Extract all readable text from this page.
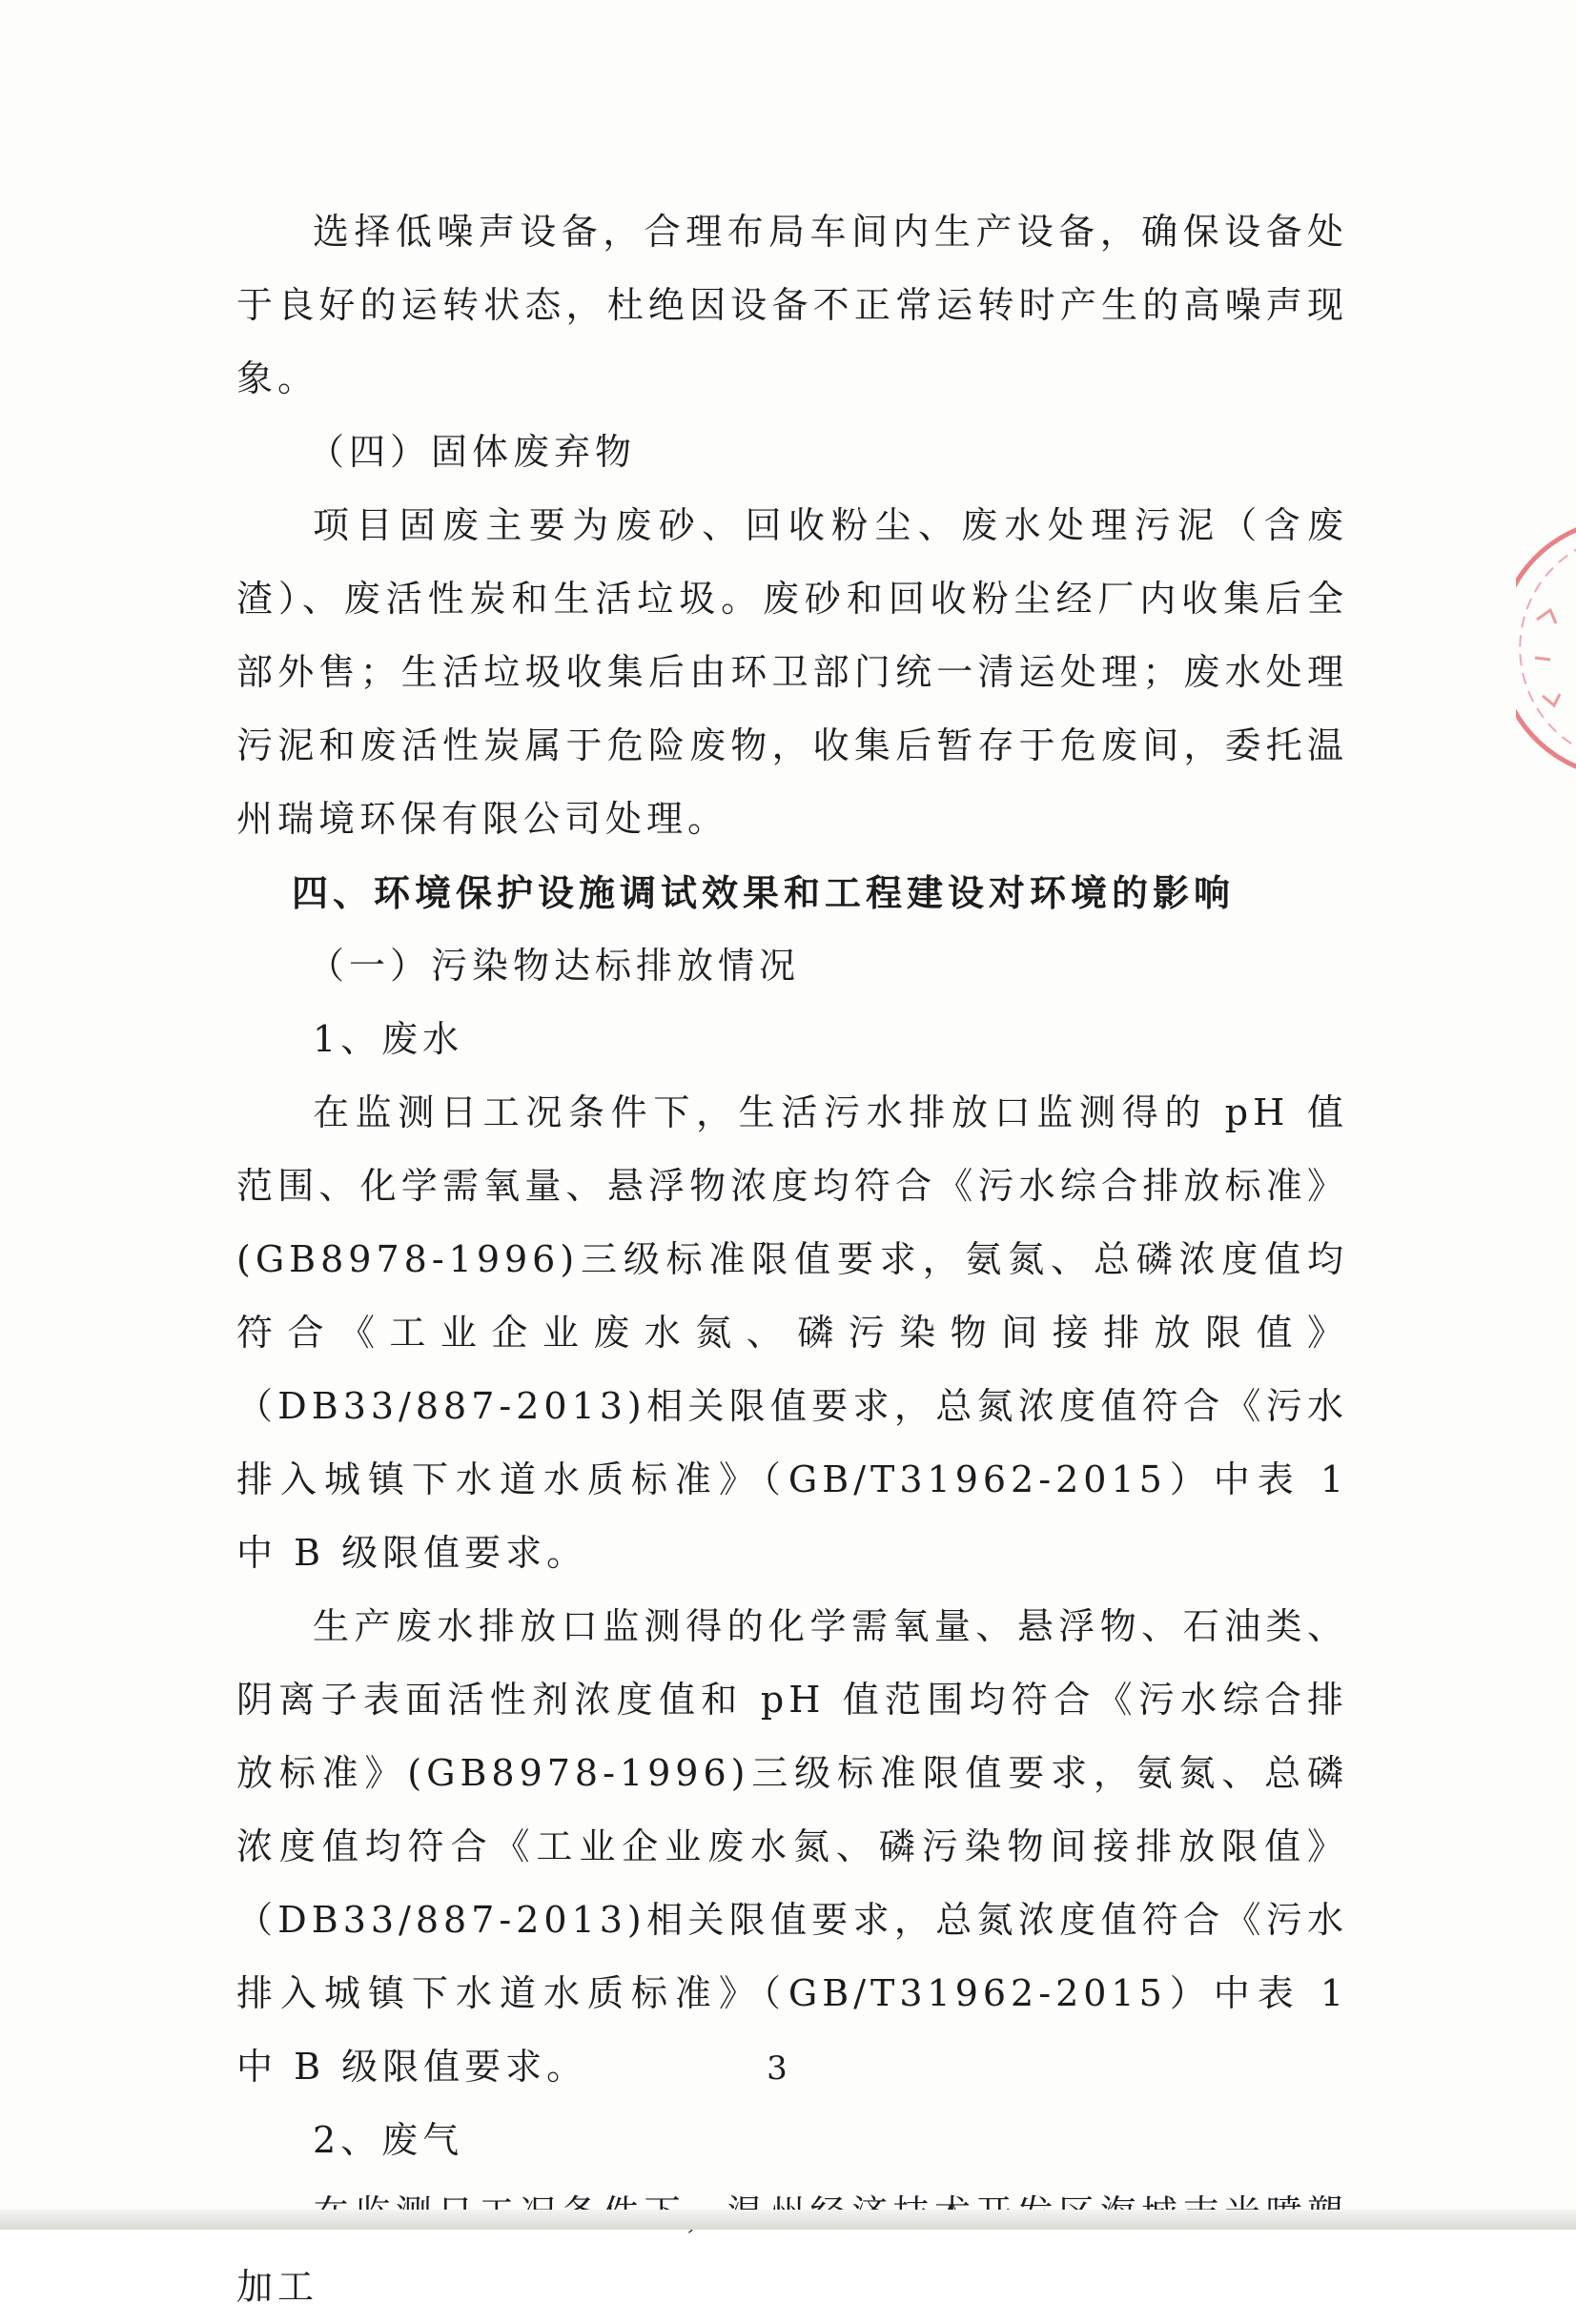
选择低噪声设备，合理布局车间内生产设备，确保设备处于良好的运转状态，杜绝因设备不正常运转时产生的高噪声现象。

（四）固体废弃物

项目固废主要为废砂、回收粉尘、废水处理污泥（含废渣）、废活性炭和生活垃圾。废砂和回收粉尘经厂内收集后全部外售；生活垃圾收集后由环卫部门统一清运处理；废水处理污泥和废活性炭属于危险废物，收集后暂存于危废间，委托温州瑞境环保有限公司处理。

四、环境保护设施调试效果和工程建设对环境的影响

（一）污染物达标排放情况

1、废水

在监测日工况条件下，生活污水排放口监测得的 pH 值范围、化学需氧量、悬浮物浓度均符合《污水综合排放标准》(GB8978-1996)三级标准限值要求，氨氮、总磷浓度值均符合《工业企业废水氮、磷污染物间接排放限值》（DB33/887-2013)相关限值要求，总氮浓度值符合《污水排入城镇下水道水质标准》（GB/T31962-2015）中表 1 中 B 级限值要求。

生产废水排放口监测得的化学需氧量、悬浮物、石油类、阴离子表面活性剂浓度值和 pH 值范围均符合《污水综合排放标准》(GB8978-1996)三级标准限值要求，氨氮、总磷浓度值均符合《工业企业废水氮、磷污染物间接排放限值》（DB33/887-2013)相关限值要求，总氮浓度值符合《污水排入城镇下水道水质标准》（GB/T31962-2015）中表 1 中 B 级限值要求。

2、废气

加工

3
